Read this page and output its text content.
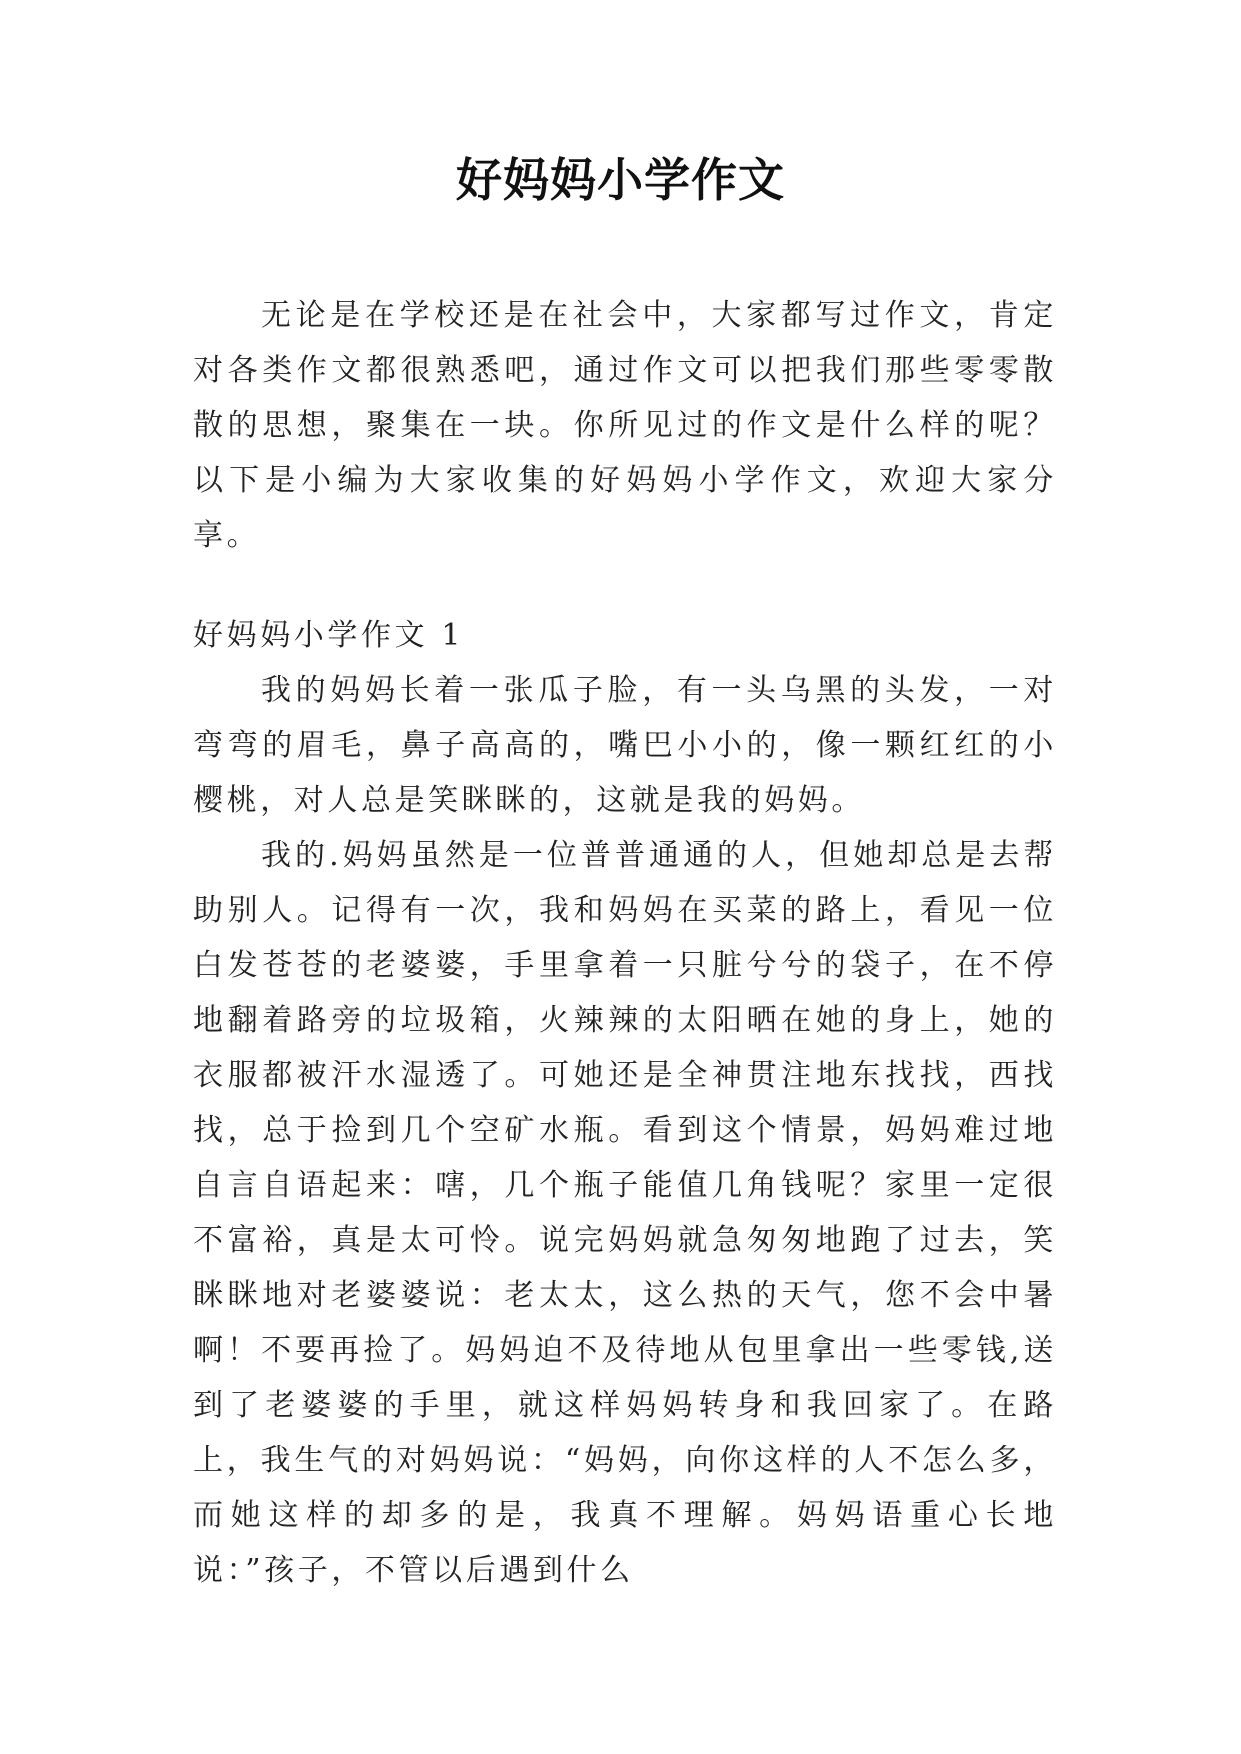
好妈妈小学作文

无论是在学校还是在社会中，大家都写过作文，肯定对各类作文都很熟悉吧，通过作文可以把我们那些零零散散的思想，聚集在一块。你所见过的作文是什么样的呢？以下是小编为大家收集的好妈妈小学作文，欢迎大家分享。

好妈妈小学作文 1

我的妈妈长着一张瓜子脸，有一头乌黑的头发，一对弯弯的眉毛，鼻子高高的，嘴巴小小的，像一颗红红的小樱桃，对人总是笑眯眯的，这就是我的妈妈。

我的.妈妈虽然是一位普普通通的人，但她却总是去帮助别人。记得有一次，我和妈妈在买菜的路上，看见一位白发苍苍的老婆婆，手里拿着一只脏兮兮的袋子，在不停地翻着路旁的垃圾箱，火辣辣的太阳晒在她的身上，她的衣服都被汗水湿透了。可她还是全神贯注地东找找，西找找，总于捡到几个空矿水瓶。看到这个情景，妈妈难过地自言自语起来：嗐，几个瓶子能值几角钱呢？家里一定很不富裕，真是太可怜。说完妈妈就急匆匆地跑了过去，笑眯眯地对老婆婆说：老太太，这么热的天气，您不会中暑啊！不要再捡了。妈妈迫不及待地从包里拿出一些零钱,送到了老婆婆的手里，就这样妈妈转身和我回家了。在路上，我生气的对妈妈说：“妈妈，向你这样的人不怎么多，而她这样的却多的是，我真不理解。妈妈语重心长地说：”孩子，不管以后遇到什么
